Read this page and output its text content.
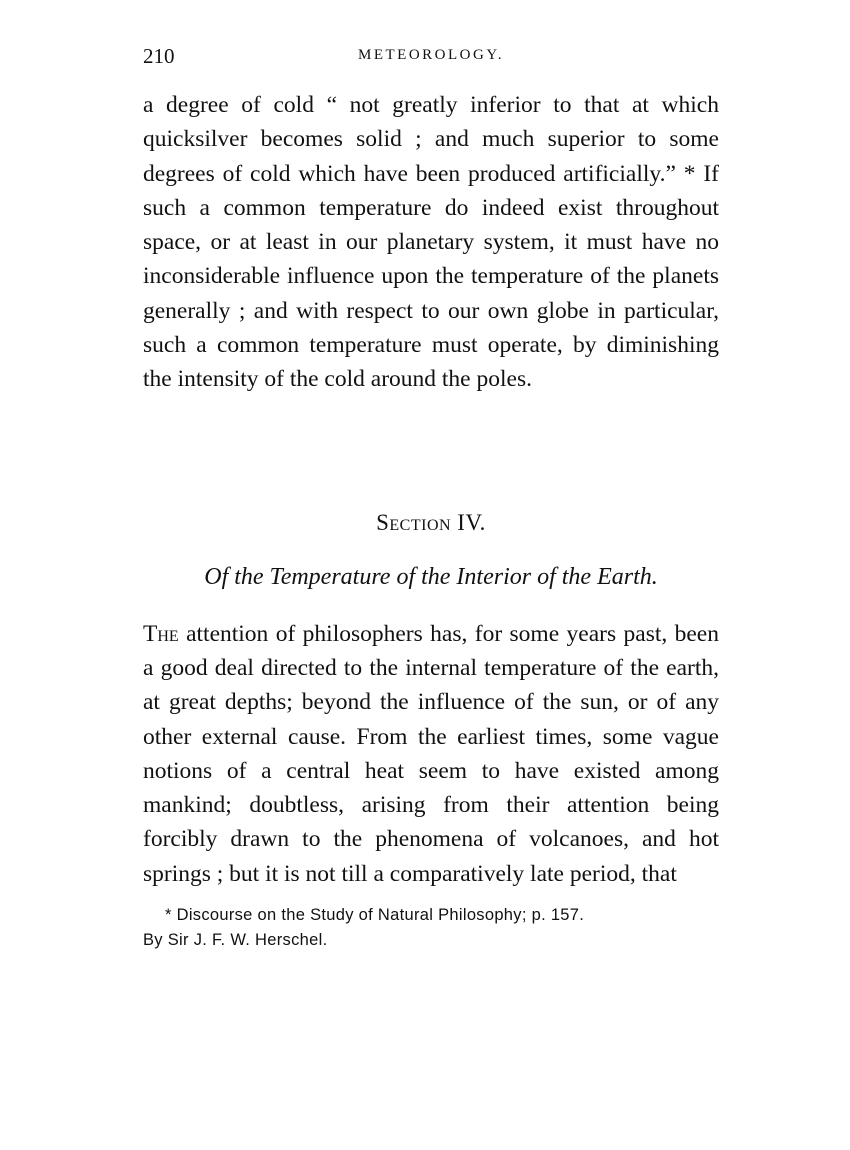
210	METEOROLOGY.

a degree of cold “ not greatly inferior to that at which quicksilver becomes solid ; and much superior to some degrees of cold which have been produced artificially.” * If such a common temperature do indeed exist throughout space, or at least in our planetary system, it must have no inconsiderable influence upon the temperature of the planets generally ; and with respect to our own globe in particular, such a common temperature must operate, by diminishing the intensity of the cold around the poles.

Section IV.
Of the Temperature of the Interior of the Earth.

The attention of philosophers has, for some years past, been a good deal directed to the internal temperature of the earth, at great depths; beyond the influence of the sun, or of any other external cause. From the earliest times, some vague notions of a central heat seem to have existed among mankind; doubtless, arising from their attention being forcibly drawn to the phenomena of volcanoes, and hot springs ; but it is not till a comparatively late period, that

* Discourse on the Study of Natural Philosophy; p. 157.
By Sir J. F. W. Herschel.
